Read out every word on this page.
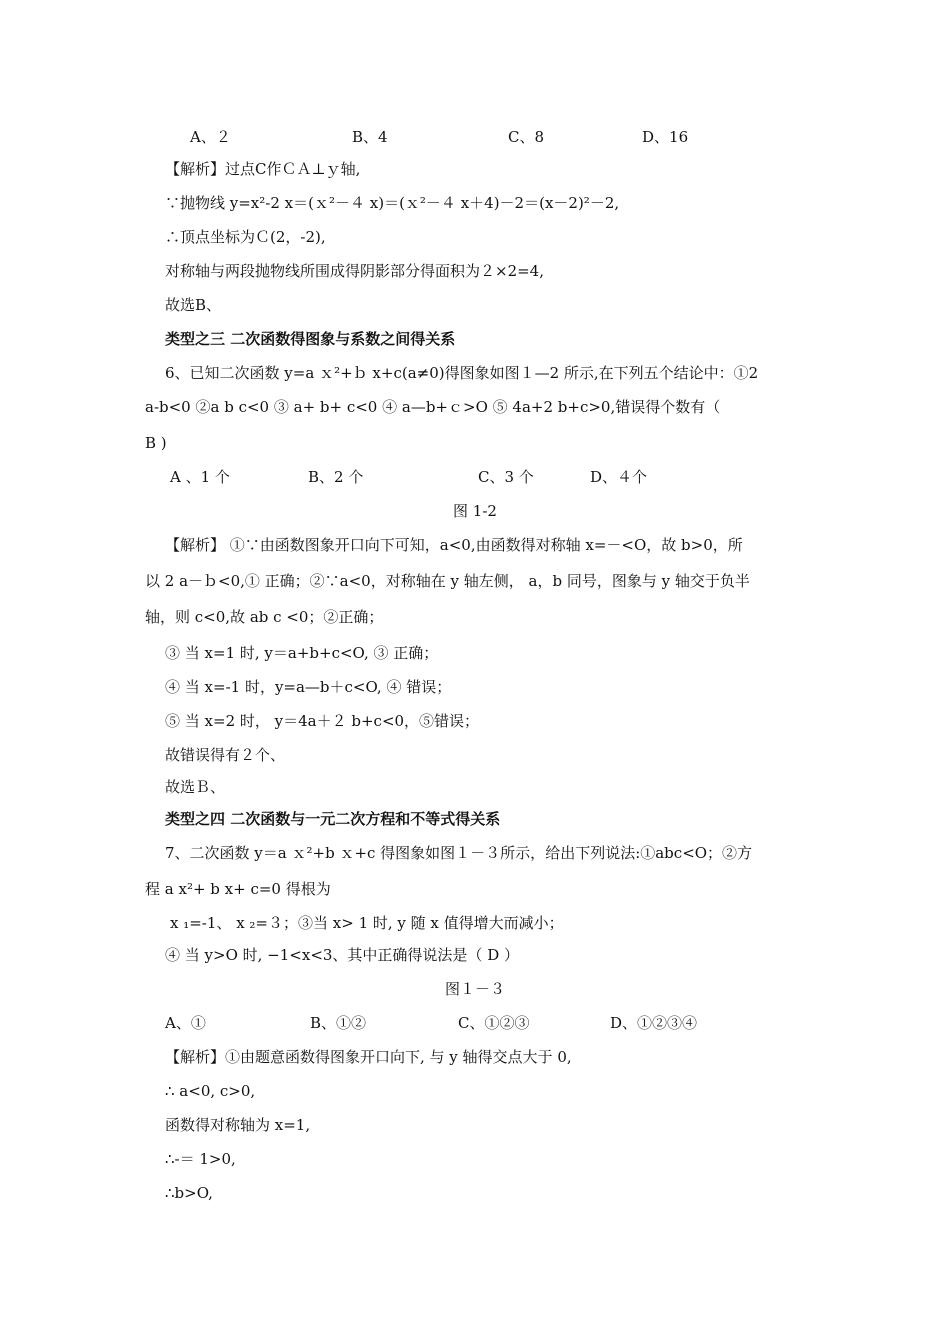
A、２	B、4	C、8	D、16
【解析】过点C作ＣＡ⊥ｙ轴,
∵抛物线 y=x²-2 x＝(ｘ²－４ x)＝(ｘ²－４ x＋4)－2＝(x－2)²－2,
∴顶点坐标为Ｃ(2，-2),
对称轴与两段抛物线所围成得阴影部分得面积为２×2=4,
故选B、
类型之三 二次函数得图象与系数之间得关系
6、已知二次函数 y=a ｘ²+ｂ x+c(a≠0)得图象如图１—2 所示,在下列五个结论中：①2
a-b<0 ②a b c<0 ③ a+ b+ c<0 ④ a—b+ｃ>O ⑤ 4a+2 b+c>0,错误得个数有（
B )
A 、1 个	B、2 个	C、3 个	D、４个
图 1-2
【解析】 ①∵由函数图象开口向下可知，a<0,由函数得对称轴 x=－<O，故 b>0，所
以 2 a－ｂ<0,① 正确；②∵a<0，对称轴在 y 轴左侧， a，b 同号，图象与 y 轴交于负半
轴，则 c<0,故 ab c <0；②正确；
③ 当 x=1 时, y＝a+b+c<O, ③ 正确；
④ 当 x=-1 时，y=a—b＋c<O, ④ 错误；
⑤ 当 x=2 时， y＝4a＋２ b+c<0，⑤错误；
故错误得有２个、
故选Ｂ、
类型之四 二次函数与一元二次方程和不等式得关系
7、二次函数 y＝a ｘ²+b ｘ+c 得图象如图１－３所示，给出下列说法:①abc<O；②方
程 a x²+ b x+ c=0 得根为
x ₁=-1、 x ₂=３；③当 x> 1 时, y 随 x 值得增大而减小；
④ 当 y>O 时, −1<x<3、其中正确得说法是（ D ）
图１－３
A、①	B、①②	C、①②③	D、①②③④
【解析】①由题意函数得图象开口向下, 与 y 轴得交点大于 0,
∴ a<0, c>0,
函数得对称轴为 x=1,
∴-＝ 1>0,
∴b>O,
